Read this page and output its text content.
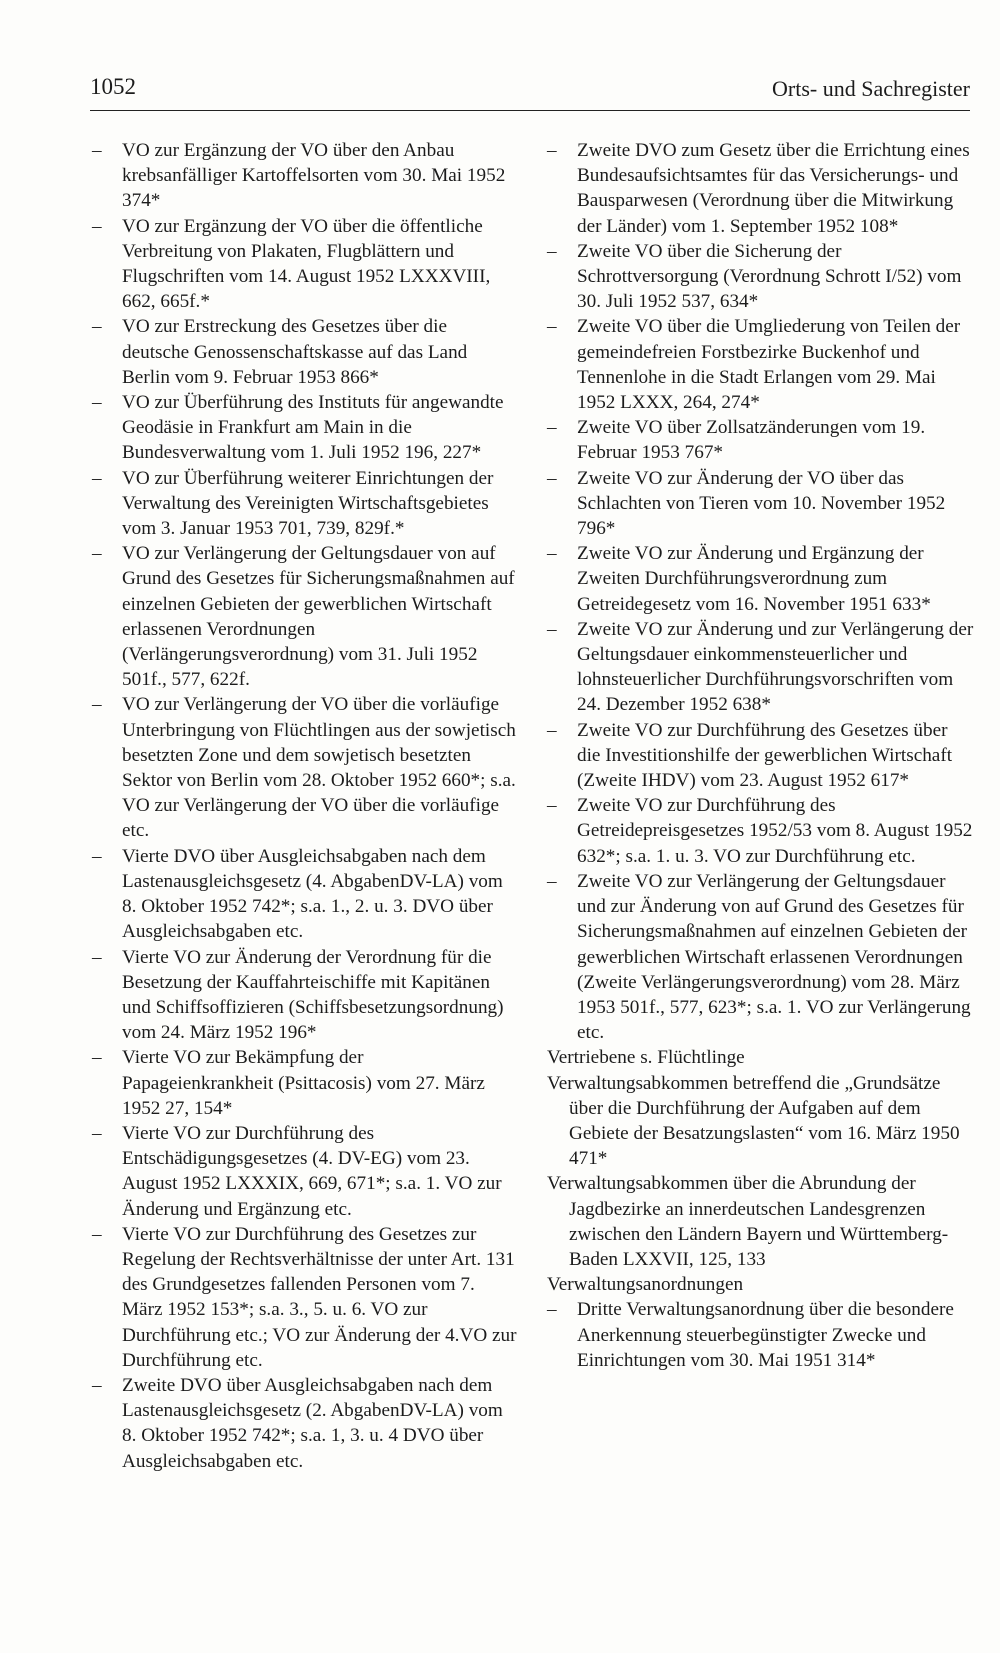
1052	Orts- und Sachregister

– VO zur Ergänzung der VO über den Anbau krebsanfälliger Kartoffelsorten vom 30. Mai 1952 374*

– VO zur Ergänzung der VO über die öffentliche Verbreitung von Plakaten, Flugblättern und Flugschriften vom 14. August 1952 LXXXVIII, 662, 665f.*

– VO zur Erstreckung des Gesetzes über die deutsche Genossenschaftskasse auf das Land Berlin vom 9. Februar 1953 866*

– VO zur Überführung des Instituts für angewandte Geodäsie in Frankfurt am Main in die Bundesverwaltung vom 1. Juli 1952 196, 227*

– VO zur Überführung weiterer Einrichtungen der Verwaltung des Vereinigten Wirtschaftsgebietes vom 3. Januar 1953 701, 739, 829f.*

– VO zur Verlängerung der Geltungsdauer von auf Grund des Gesetzes für Sicherungsmaßnahmen auf einzelnen Gebieten der gewerblichen Wirtschaft erlassenen Verordnungen (Verlängerungsverordnung) vom 31. Juli 1952 501f., 577, 622f.

– VO zur Verlängerung der VO über die vorläufige Unterbringung von Flüchtlingen aus der sowjetisch besetzten Zone und dem sowjetisch besetzten Sektor von Berlin vom 28. Oktober 1952 660*; s.a. VO zur Verlängerung der VO über die vorläufige etc.

– Vierte DVO über Ausgleichsabgaben nach dem Lastenausgleichsgesetz (4. AbgabenDV-LA) vom 8. Oktober 1952 742*; s.a. 1., 2. u. 3. DVO über Ausgleichsabgaben etc.

– Vierte VO zur Änderung der Verordnung für die Besetzung der Kauffahrteischiffe mit Kapitänen und Schiffsoffizieren (Schiffsbesetzungsordnung) vom 24. März 1952 196*

– Vierte VO zur Bekämpfung der Papageienkrankheit (Psittacosis) vom 27. März 1952 27, 154*

– Vierte VO zur Durchführung des Entschädigungsgesetzes (4. DV-EG) vom 23. August 1952 LXXXIX, 669, 671*; s.a. 1. VO zur Änderung und Ergänzung etc.

– Vierte VO zur Durchführung des Gesetzes zur Regelung der Rechtsverhältnisse der unter Art. 131 des Grundgesetzes fallenden Personen vom 7. März 1952 153*; s.a. 3., 5. u. 6. VO zur Durchführung etc.; VO zur Änderung der 4.VO zur Durchführung etc.

– Zweite DVO über Ausgleichsabgaben nach dem Lastenausgleichsgesetz (2. AbgabenDV-LA) vom 8. Oktober 1952 742*; s.a. 1, 3. u. 4 DVO über Ausgleichsabgaben etc.

– Zweite DVO zum Gesetz über die Errichtung eines Bundesaufsichtsamtes für das Versicherungs- und Bausparwesen (Verordnung über die Mitwirkung der Länder) vom 1. September 1952 108*

– Zweite VO über die Sicherung der Schrottversorgung (Verordnung Schrott I/52) vom 30. Juli 1952 537, 634*

– Zweite VO über die Umgliederung von Teilen der gemeindefreien Forstbezirke Buckenhof und Tennenlohe in die Stadt Erlangen vom 29. Mai 1952 LXXX, 264, 274*

– Zweite VO über Zollsatzänderungen vom 19. Februar 1953 767*

– Zweite VO zur Änderung der VO über das Schlachten von Tieren vom 10. November 1952 796*

– Zweite VO zur Änderung und Ergänzung der Zweiten Durchführungsverordnung zum Getreidegesetz vom 16. November 1951 633*

– Zweite VO zur Änderung und zur Verlängerung der Geltungsdauer einkommensteuerlicher und lohnsteuerlicher Durchführungsvorschriften vom 24. Dezember 1952 638*

– Zweite VO zur Durchführung des Gesetzes über die Investitionshilfe der gewerblichen Wirtschaft (Zweite IHDV) vom 23. August 1952 617*

– Zweite VO zur Durchführung des Getreidepreisgesetzes 1952/53 vom 8. August 1952 632*; s.a. 1. u. 3. VO zur Durchführung etc.

– Zweite VO zur Verlängerung der Geltungsdauer und zur Änderung von auf Grund des Gesetzes für Sicherungsmaßnahmen auf einzelnen Gebieten der gewerblichen Wirtschaft erlassenen Verordnungen (Zweite Verlängerungsverordnung) vom 28. März 1953 501f., 577, 623*; s.a. 1. VO zur Verlängerung etc.

Vertriebene s. Flüchtlinge

Verwaltungsabkommen betreffend die „Grundsätze über die Durchführung der Aufgaben auf dem Gebiete der Besatzungslasten“ vom 16. März 1950 471*

Verwaltungsabkommen über die Abrundung der Jagdbezirke an innerdeutschen Landesgrenzen zwischen den Ländern Bayern und Württemberg-Baden LXXVII, 125, 133

Verwaltungsanordnungen

– Dritte Verwaltungsanordnung über die besondere Anerkennung steuerbegünstigter Zwecke und Einrichtungen vom 30. Mai 1951 314*
